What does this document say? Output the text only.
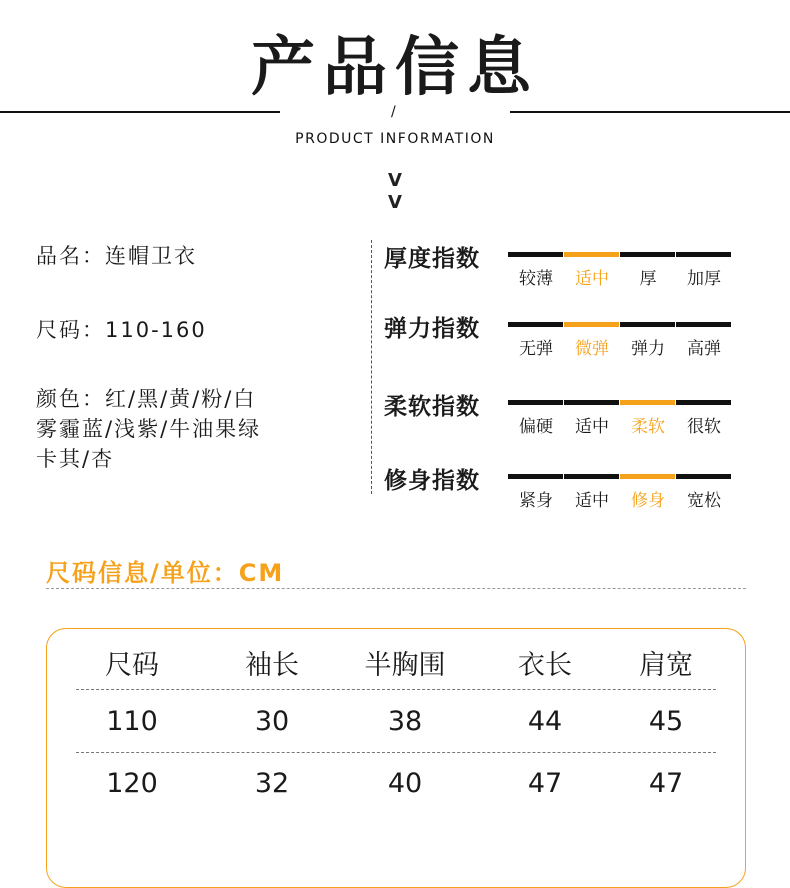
产品信息
/
PRODUCT INFORMATION
V
V
品名：连帽卫衣
尺码：110-160
颜色：红/黑/黄/粉/白
雾霾蓝/浅紫/牛油果绿
卡其/杏
厚度指数
较薄	适中	厚	加厚
弹力指数
无弹	微弹	弹力	高弹
柔软指数
偏硬	适中	柔软	很软
修身指数
紧身	适中	修身	宽松
尺码信息/单位：CM
尺码	袖长	半胸围	衣长	肩宽
110	30	38	44	45
120	32	40	47	47
